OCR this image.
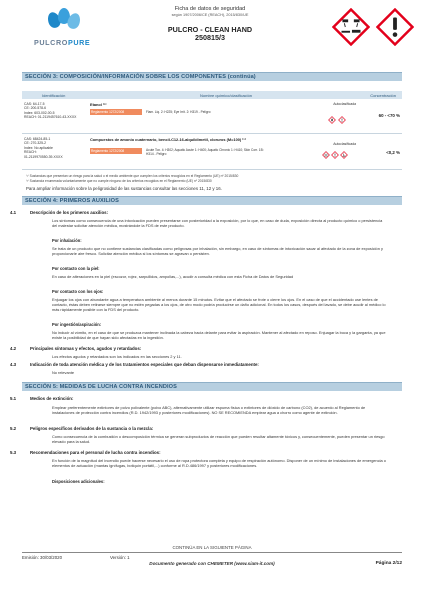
PULCROPURE
Ficha de datos de seguridad
según 1907/2006/CE (REACH), 2015/830/UE
PULCRO - CLEAN HAND
250815/3
SECCIÓN 3: COMPOSICIÓN/INFORMACIÓN SOBRE LOS COMPONENTES (continúa)
Identificación	Nombre químico/clasificación	Concentración
CAS: 64-17-5
CE: 200-578-6
Index: 603-002-00-5
REACH: 01-2119457610-43-XXXX
Etanol ⁽¹⁾	Autoclasificada
Reglamento 1272/2008	Flam. Liq. 2: H225; Eye Irrit. 2: H319 - Peligro
60 - <70 %
CAS: 68424-85-1
CE: 270-325-2
Index: No aplicable
REACH:
01-2119970550-39-XXXX
Compuestos de amonio cuaternario, bencil-C12-16-alquildimetil, cloruros (M=100) ⁽¹⁾
Autoclasificada
Reglamento 1272/2008	Acute Tox. 4: H302; Aquatic Acute 1: H400; Aquatic Chronic 1: H410; Skin Corr. 1B: H314 - Peligro	<0,2 %
⁽¹⁾ Sustancias que presentan un riesgo para la salud o el medio ambiente que cumplen los criterios recogidos en el Reglamento (UE) nº 2015/830
⁽²⁾ Sustancia enumerada voluntariamente que no cumple ninguno de los criterios recogidos en el Reglamento (UE) nº 2015/830
Para ampliar información sobre la peligrosidad de las sustancias consultar las secciones 11, 12 y 16.
SECCIÓN 4: PRIMEROS AUXILIOS
4.1	Descripción de los primeros auxilios:
Los síntomas como consecuencia de una intoxicación pueden presentarse con posterioridad a la exposición, por lo que, en caso de duda, exposición directa al producto químico o persistencia del malestar solicitar atención médica, mostrándole la FDS de este producto.
Por inhalación:
Se trata de un producto que no contiene sustancias clasificadas como peligrosas por inhalación, sin embargo, en caso de síntomas de intoxicación sacar al afectado de la zona de exposición y proporcionarle aire fresco. Solicitar atención médica si los síntomas se agravan o persisten.
Por contacto con la piel:
En caso de alteraciones en la piel (escozor, rojez, sarpullidos, ampollas,...), acudir a consulta médica con esta Ficha de Datos de Seguridad
Por contacto con los ojos:
Enjuagar los ojos con abundante agua a temperatura ambiente al menos durante 15 minutos. Evitar que el afectado se frote o cierre los ojos. En el caso de que el accidentado use lentes de contacto, éstas deben retirarse siempre que no estén pegadas a los ojos, de otro modo podría producirse un daño adicional. En todos los casos, después del lavado, se debe acudir al médico lo más rápidamente posible con la FDS del producto.
Por ingestión/aspiración:
No inducir al vómito, en el caso de que se produzca mantener inclinada la cabeza hacia delante para evitar la aspiración. Mantener al afectado en reposo. Enjuagar la boca y la garganta, ya que existe la posibilidad de que hayan sido afectadas en la ingestión.
4.2	Principales síntomas y efectos, agudos y retardados:
Los efectos agudos y retardados son los indicados en las secciones 2 y 11.
4.3	Indicación de toda atención médica y de los tratamientos especiales que deban dispensarse inmediatamente:
No relevante
SECCIÓN 5: MEDIDAS DE LUCHA CONTRA INCENDIOS
5.1	Medios de extinción:
Emplear preferentemente extintores de polvo polivalente (polvo ABC), alternativamente utilizar espuma física o extintores de dióxido de carbono (CO2), de acuerdo al Reglamento de instalaciones de protección contra incendios (R.D. 1942/1993 y posteriores modificaciones). NO SE RECOMIENDA emplear agua a chorro como agente de extinción.
5.2	Peligros específicos derivados de la sustancia o la mezcla:
Como consecuencia de la combustión o descomposición térmica se generan subproductos de reacción que pueden resultar altamente tóxicos y, consecuentemente, pueden presentar un riesgo elevado para la salud.
5.3	Recomendaciones para el personal de lucha contra incendios:
En función de la magnitud del incendio puede hacerse necesario el uso de ropa protectora completa y equipo de respiración autónomo. Disponer de un mínimo de instalaciones de emergencia o elementos de actuación (mantas ignífugas, botiquín portátil,...) conforme al R.D.486/1997 y posteriores modificaciones.
Disposiciones adicionales:
CONTINÚA EN LA SIGUIENTE PÁGINA
Emisión: 30/03/2020	Versión: 1
Documento generado con CHEMETER (www.siam-it.com)	Página 2/12
